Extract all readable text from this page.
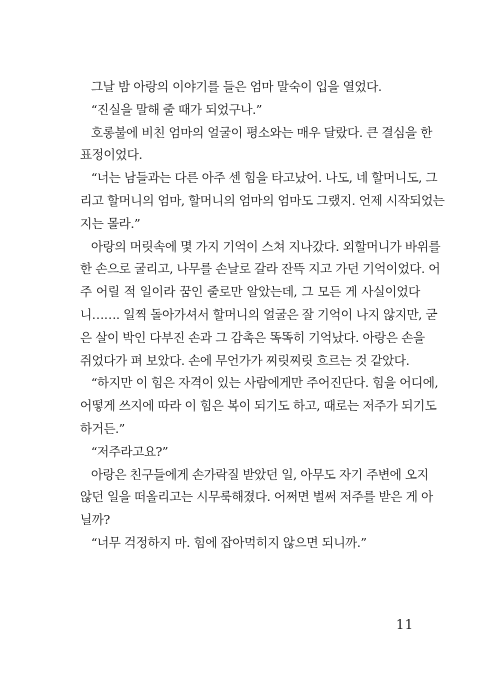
그날 밤 아랑의 이야기를 들은 엄마 말숙이 입을 열었다.
“진실을 말해 줄 때가 되었구나.”
호롱불에 비친 엄마의 얼굴이 평소와는 매우 달랐다. 큰 결심을 한
표정이었다.
“너는 남들과는 다른 아주 센 힘을 타고났어. 나도, 네 할머니도, 그
리고 할머니의 엄마, 할머니의 엄마의 엄마도 그랬지. 언제 시작되었는
지는 몰라.”
아랑의 머릿속에 몇 가지 기억이 스쳐 지나갔다. 외할머니가 바위를
한 손으로 굴리고, 나무를 손날로 갈라 잔뜩 지고 가던 기억이었다. 어
주 어릴 적 일이라 꿈인 줄로만 알았는데, 그 모든 게 사실이었다
니……. 일찍 돌아가셔서 할머니의 얼굴은 잘 기억이 나지 않지만, 굳
은 살이 박인 다부진 손과 그 감촉은 똑똑히 기억났다. 아랑은 손을
쥐었다가 펴 보았다. 손에 무언가가 찌릿찌릿 흐르는 것 같았다.
“하지만 이 힘은 자격이 있는 사람에게만 주어진단다. 힘을 어디에,
어떻게 쓰지에 따라 이 힘은 복이 되기도 하고, 때로는 저주가 되기도
하거든.”
“저주라고요?”
아랑은 친구들에게 손가락질 받았던 일, 아무도 자기 주변에 오지
않던 일을 떠올리고는 시무룩해졌다. 어쩌면 벌써 저주를 받은 게 아
닐까?
“너무 걱정하지 마. 힘에 잡아먹히지 않으면 되니까.”
11
